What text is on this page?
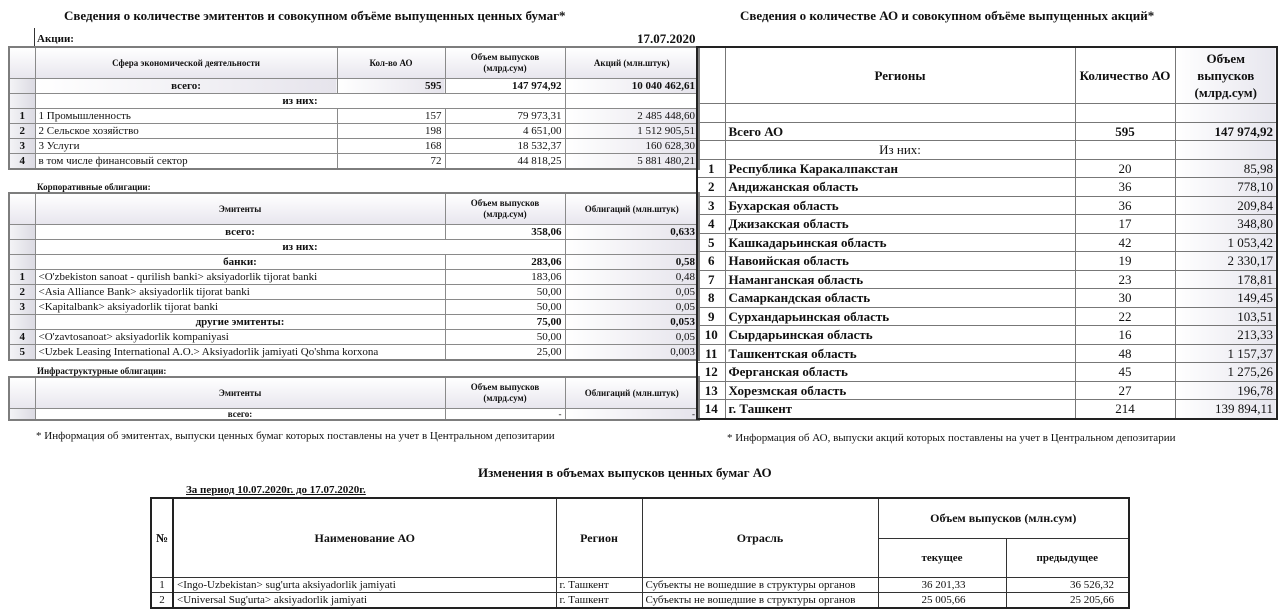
Сведения о количестве эмитентов и совокупном объёме выпущенных ценных бумаг*
Акции:	17.07.2020
	Сфера экономической деятельности	Кол-во АО	Объем выпусков (млрд.сум)	Акций (млн.штук)
	всего:	595	147 974,92	10 040 462,61
	из них:			
1	1 Промышленность	157	79 973,31	2 485 448,60
2	2 Сельское хозяйство	198	4 651,00	1 512 905,51
3	3 Услуги	168	18 532,37	160 628,30
4	в том числе финансовый сектор	72	44 818,25	5 881 480,21
Корпоративные облигации:
	Эмитенты	Объем выпусков (млрд.сум)	Облигаций (млн.штук)
	всего:	358,06	0,633
	из них:		
	банки:	283,06	0,58
1	<O'zbekiston sanoat - qurilish banki> aksiyadorlik tijorat banki	183,06	0,48
2	<Asia Alliance Bank> aksiyadorlik tijorat banki	50,00	0,05
3	<Kapitalbank> aksiyadorlik tijorat banki	50,00	0,05
	другие эмитенты:	75,00	0,053
4	<O'zavtosanoat> aksiyadorlik kompaniyasi	50,00	0,05
5	<Uzbek Leasing International A.O.> Aksiyadorlik jamiyati Qo'shma korxona	25,00	0,003
Инфраструктурные облигации:
	Эмитенты	Объем выпусков (млрд.сум)	Облигаций (млн.штук)
	всего:	-	-
* Информация об эмитентах, выпуски ценных бумаг которых поставлены на учет в Центральном депозитарии
Сведения о количестве АО и совокупном объёме выпущенных акций*
	Регионы	Количество АО	Объем выпусков (млрд.сум)

	Всего АО	595	147 974,92
	Из них:		
1	Республика Каракалпакстан	20	85,98
2	Андижанская область	36	778,10
3	Бухарская область	36	209,84
4	Джизакская область	17	348,80
5	Кашкадарьинская область	42	1 053,42
6	Навоийская область	19	2 330,17
7	Наманганская область	23	178,81
8	Самаркандская область	30	149,45
9	Сурхандарьинская область	22	103,51
10	Сырдарьинская область	16	213,33
11	Ташкентская область	48	1 157,37
12	Ферганская область	45	1 275,26
13	Хорезмская область	27	196,78
14	г. Ташкент	214	139 894,11
* Информация об АО, выпуски акций которых поставлены на учет в Центральном депозитарии
Изменения в объемах выпусков ценных бумаг АО
За период 10.07.2020г. до 17.07.2020г.
№	Наименование АО	Регион	Отрасль	Объем выпусков (млн.сум)	
				текущее	предыдущее
1	<Ingo-Uzbekistan> sug'urta aksiyadorlik jamiyati	г. Ташкент	Субъекты не вошедшие в структуры органов	36 201,33	36 526,32
2	<Universal Sug'urta> aksiyadorlik jamiyati	г. Ташкент	Субъекты не вошедшие в структуры органов	25 005,66	25 205,66
